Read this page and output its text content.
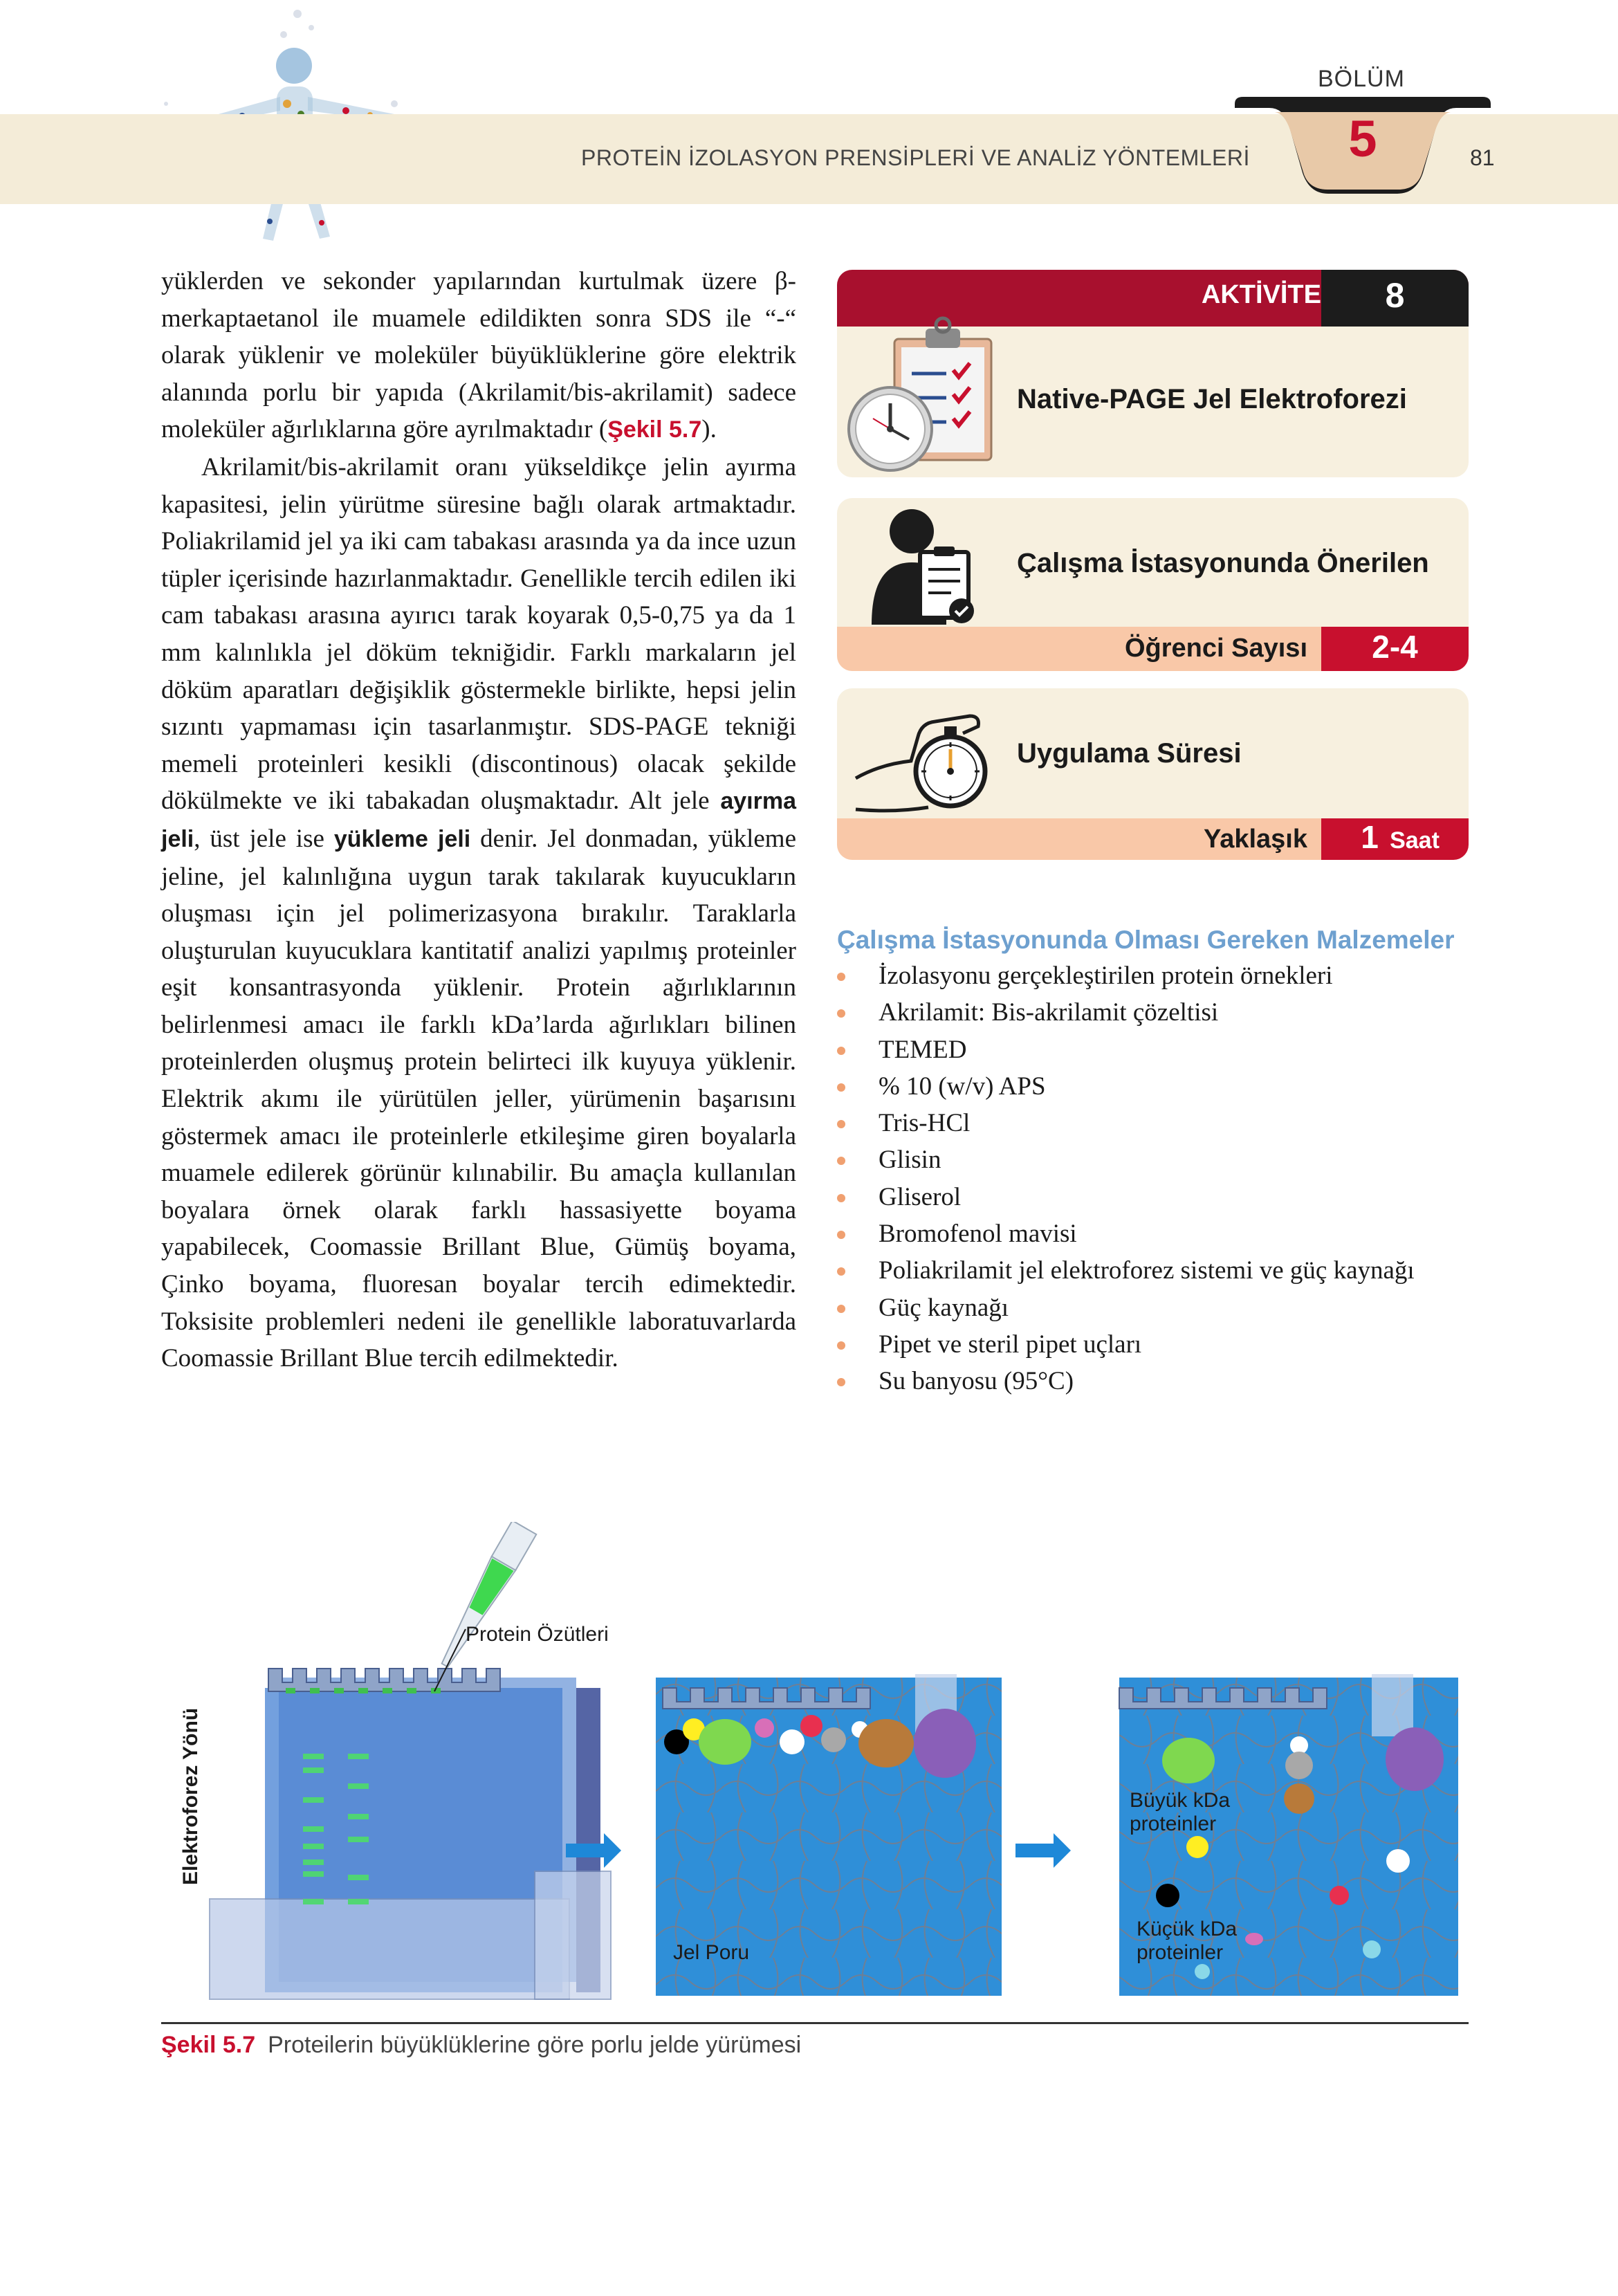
PROTEİN İZOLASYON PRENSİPLERİ VE ANALİZ YÖNTEMLERİ
BÖLÜM
5	81

yüklerden ve sekonder yapılarından kurtulmak üzere β-merkaptaetanol ile muamele edildikten sonra SDS ile “-“ olarak yüklenir ve moleküler büyüklüklerine göre elektrik alanında porlu bir yapıda (Akrilamit/bis-akrilamit) sadece moleküler ağırlıklarına göre ayrılmaktadır (Şekil 5.7).

Akrilamit/bis-akrilamit oranı yükseldikçe jelin ayırma kapasitesi, jelin yürütme süresine bağlı olarak artmaktadır. Poliakrilamid jel ya iki cam tabakası arasında ya da ince uzun tüpler içerisinde hazırlanmaktadır. Genellikle tercih edilen iki cam tabakası arasına ayırıcı tarak koyarak 0,5-0,75 ya da 1 mm kalınlıkla jel döküm tekniğidir. Farklı markaların jel döküm aparatları değişiklik göstermekle birlikte, hepsi jelin sızıntı yapmaması için tasarlanmıştır. SDS-PAGE tekniği memeli proteinleri kesikli (discontinous) olacak şekilde dökülmekte ve iki tabakadan oluşmaktadır. Alt jele ayırma jeli, üst jele ise yükleme jeli denir. Jel donmadan, yükleme jeline, jel kalınlığına uygun tarak takılarak kuyucukların oluşması için jel polimerizasyona bırakılır. Taraklarla oluşturulan kuyucuklara kantitatif analizi yapılmış proteinler eşit konsantrasyonda yüklenir. Protein ağırlıklarının belirlenmesi amacı ile farklı kDa’larda ağırlıkları bilinen proteinlerden oluşmuş protein belirteci ilk kuyuya yüklenir. Elektrik akımı ile yürütülen jeller, yürümenin başarısını göstermek amacı ile proteinlerle etkileşime giren boyalarla muamele edilerek görünür kılınabilir. Bu amaçla kullanılan boyalara örnek olarak farklı hassasiyette boyama yapabilecek, Coomassie Brillant Blue, Gümüş boyama, Çinko boyama, fluoresan boyalar tercih edimektedir. Toksisite problemleri nedeni ile genellikle laboratuvarlarda Coomassie Brillant Blue tercih edilmektedir.

AKTİVİTE	8
Native-PAGE Jel Elektroforezi
Çalışma İstasyonunda Önerilen
Öğrenci Sayısı	2-4
Uygulama Süresi
Yaklaşık	1 Saat
Çalışma İstasyonunda Olması Gereken Malzemeler
İzolasyonu gerçekleştirilen protein örnekleri
Akrilamit: Bis-akrilamit çözeltisi
TEMED
% 10 (w/v) APS
Tris-HCl
Glisin
Gliserol
Bromofenol mavisi
Poliakrilamit jel elektroforez sistemi ve güç kaynağı
Güç kaynağı
Pipet ve steril pipet uçları
Su banyosu (95°C)
Elektroforez Yönü
Protein Özütleri
Jel Poru
Büyük kDa
proteinler
Küçük kDa
proteinler
Şekil 5.7 Proteilerin büyüklüklerine göre porlu jelde yürümesi
